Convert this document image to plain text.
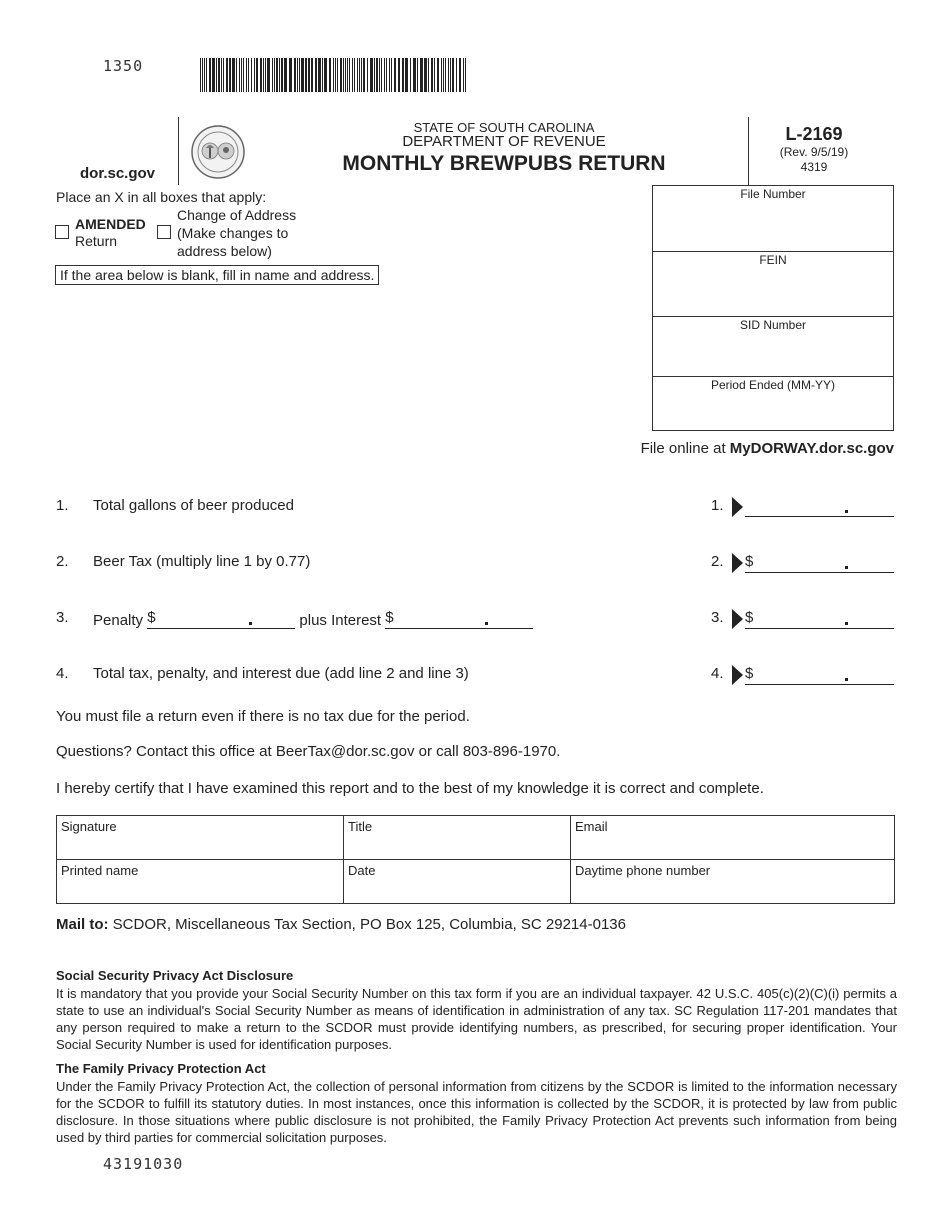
1350
dor.sc.gov
STATE OF SOUTH CAROLINA
DEPARTMENT OF REVENUE
MONTHLY BREWPUBS RETURN
L-2169
(Rev. 9/5/19)
4319
Place an X in all boxes that apply:
AMENDED
Return
Change of Address
(Make changes to
address below)
If the area below is blank, fill in name and address.
File Number
FEIN
SID Number
Period Ended (MM-YY)
File online at MyDORWAY.dor.sc.gov
1. Total gallons of beer produced	1.
2. Beer Tax (multiply line 1 by 0.77)	2. $
3. Penalty $	plus Interest $	3. $
4. Total tax, penalty, and interest due (add line 2 and line 3)	4. $
You must file a return even if there is no tax due for the period.
Questions? Contact this office at BeerTax@dor.sc.gov or call 803-896-1970.
I hereby certify that I have examined this report and to the best of my knowledge it is correct and complete.
Signature	Title	Email
Printed name	Date	Daytime phone number
Mail to: SCDOR, Miscellaneous Tax Section, PO Box 125, Columbia, SC 29214-0136
Social Security Privacy Act Disclosure
It is mandatory that you provide your Social Security Number on this tax form if you are an individual taxpayer. 42 U.S.C. 405(c)(2)(C)(i) permits a state to use an individual's Social Security Number as means of identification in administration of any tax. SC Regulation 117-201 mandates that any person required to make a return to the SCDOR must provide identifying numbers, as prescribed, for securing proper identification. Your Social Security Number is used for identification purposes.
The Family Privacy Protection Act
Under the Family Privacy Protection Act, the collection of personal information from citizens by the SCDOR is limited to the information necessary for the SCDOR to fulfill its statutory duties. In most instances, once this information is collected by the SCDOR, it is protected by law from public disclosure. In those situations where public disclosure is not prohibited, the Family Privacy Protection Act prevents such information from being used by third parties for commercial solicitation purposes.
43191030
